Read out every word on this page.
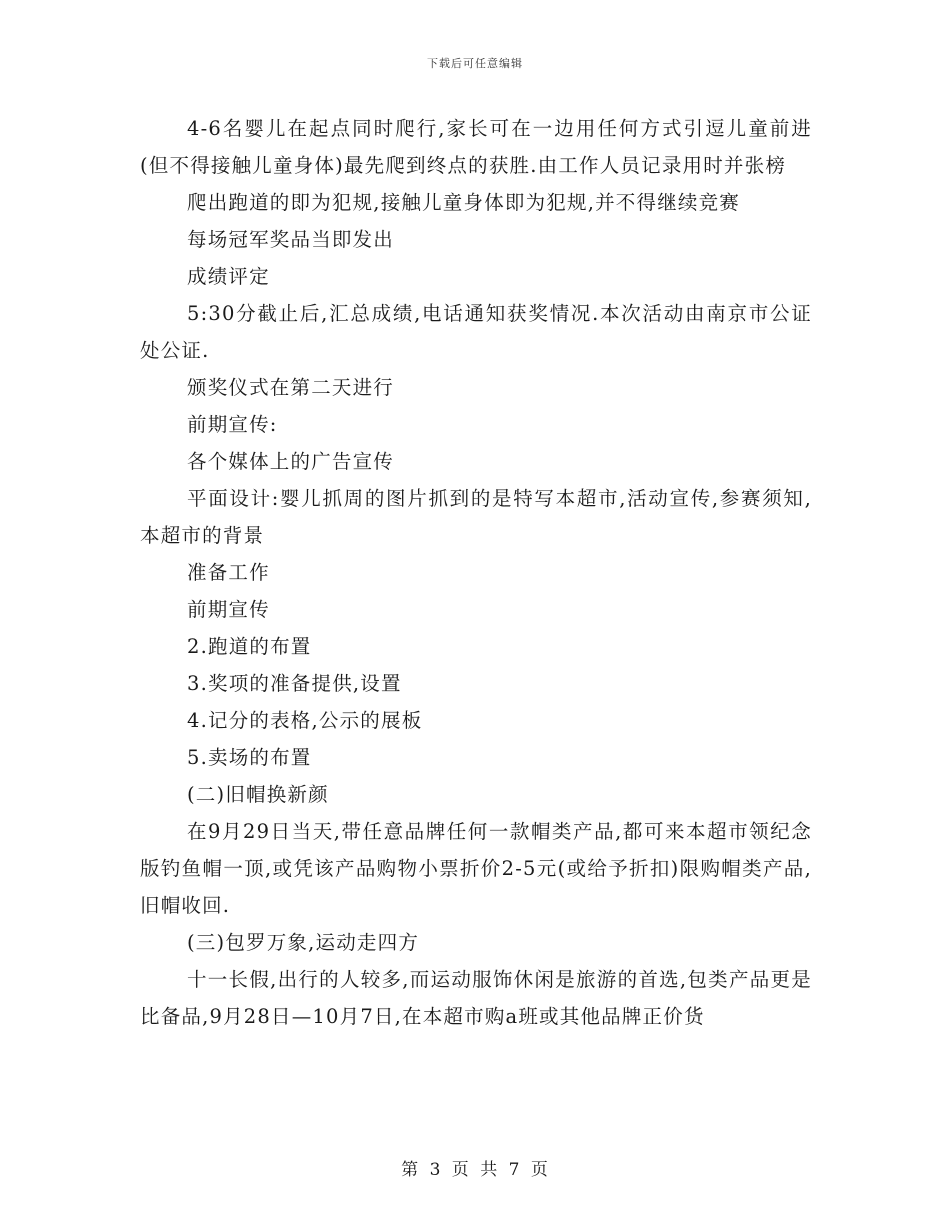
下载后可任意编辑

4-6名婴儿在起点同时爬行,家长可在一边用任何方式引逗儿童前进(但不得接触儿童身体)最先爬到终点的获胜.由工作人员记录用时并张榜

爬出跑道的即为犯规,接触儿童身体即为犯规,并不得继续竞赛

每场冠军奖品当即发出

成绩评定

5:30分截止后,汇总成绩,电话通知获奖情况.本次活动由南京市公证处公证.

颁奖仪式在第二天进行

前期宣传:

各个媒体上的广告宣传

平面设计:婴儿抓周的图片抓到的是特写本超市,活动宣传,参赛须知,本超市的背景

准备工作

前期宣传

2.跑道的布置

3.奖项的准备提供,设置

4.记分的表格,公示的展板

5.卖场的布置

(二)旧帽换新颜

在9月29日当天,带任意品牌任何一款帽类产品,都可来本超市领纪念版钓鱼帽一顶,或凭该产品购物小票折价2-5元(或给予折扣)限购帽类产品,旧帽收回.

(三)包罗万象,运动走四方

十一长假,出行的人较多,而运动服饰休闲是旅游的首选,包类产品更是比备品,9月28日—10月7日,在本超市购a班或其他品牌正价货

第 3 页 共 7 页
